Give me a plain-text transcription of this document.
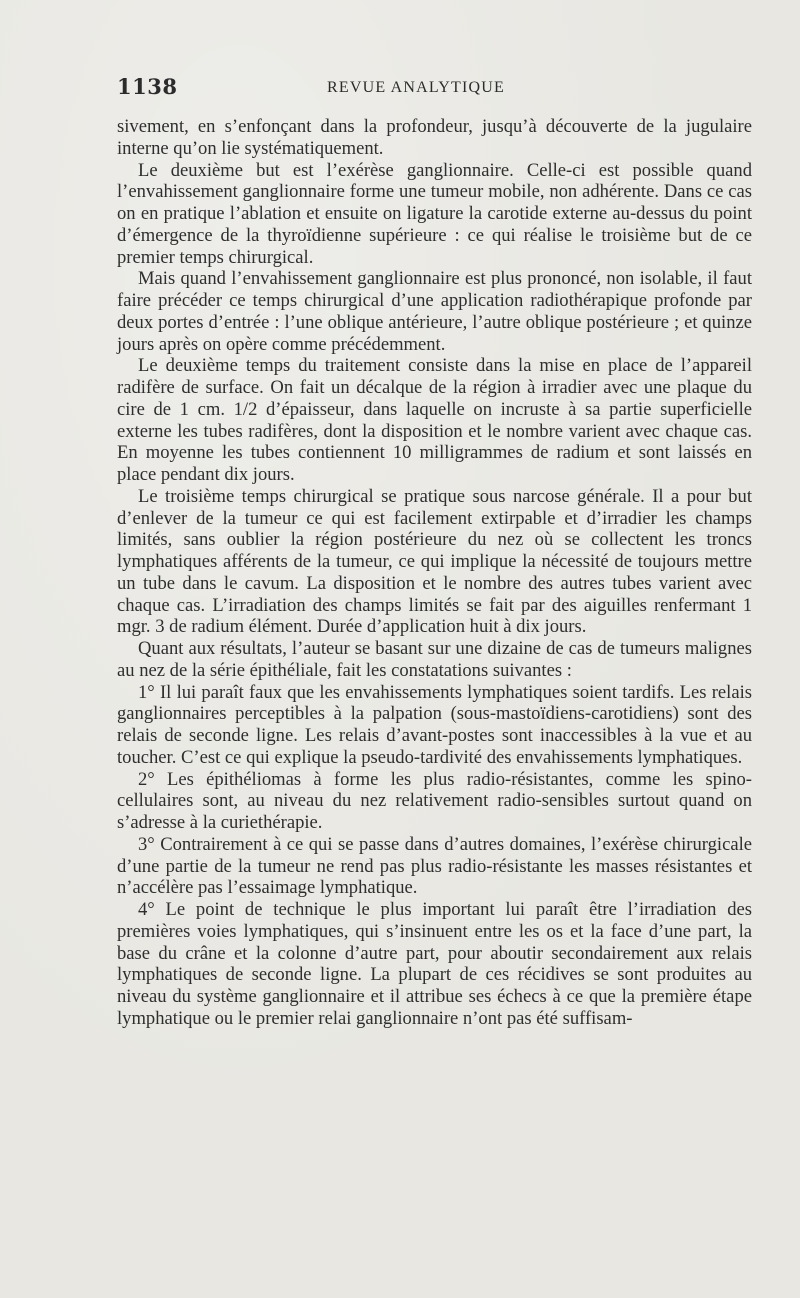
1138	REVUE ANALYTIQUE

sivement, en s’enfonçant dans la profondeur, jusqu’à découverte de la jugulaire interne qu’on lie systématiquement.

Le deuxième but est l’exérèse ganglionnaire. Celle-ci est possible quand l’envahissement ganglionnaire forme une tumeur mobile, non adhérente. Dans ce cas on en pratique l’ablation et ensuite on ligature la carotide externe au-dessus du point d’émergence de la thyroïdienne supérieure : ce qui réalise le troisième but de ce premier temps chirurgical.

Mais quand l’envahissement ganglionnaire est plus prononcé, non isolable, il faut faire précéder ce temps chirurgical d’une application radiothérapique profonde par deux portes d’entrée : l’une oblique antérieure, l’autre oblique postérieure ; et quinze jours après on opère comme précédemment.

Le deuxième temps du traitement consiste dans la mise en place de l’appareil radifère de surface. On fait un décalque de la région à irradier avec une plaque du cire de 1 cm. 1/2 d’épaisseur, dans laquelle on incruste à sa partie superficielle externe les tubes radifères, dont la disposition et le nombre varient avec chaque cas. En moyenne les tubes contiennent 10 milligrammes de radium et sont laissés en place pendant dix jours.

Le troisième temps chirurgical se pratique sous narcose générale. Il a pour but d’enlever de la tumeur ce qui est facilement extirpable et d’irradier les champs limités, sans oublier la région postérieure du nez où se collectent les troncs lymphatiques afférents de la tumeur, ce qui implique la nécessité de toujours mettre un tube dans le cavum. La disposition et le nombre des autres tubes varient avec chaque cas. L’irradiation des champs limités se fait par des aiguilles renfermant 1 mgr. 3 de radium élément. Durée d’application huit à dix jours.

Quant aux résultats, l’auteur se basant sur une dizaine de cas de tumeurs malignes au nez de la série épithéliale, fait les constatations suivantes :

1° Il lui paraît faux que les envahissements lymphatiques soient tardifs. Les relais ganglionnaires perceptibles à la palpation (sous-mastoïdiens-carotidiens) sont des relais de seconde ligne. Les relais d’avant-postes sont inaccessibles à la vue et au toucher. C’est ce qui explique la pseudo-tardivité des envahissements lymphatiques.

2° Les épithéliomas à forme les plus radio-résistantes, comme les spino-cellulaires sont, au niveau du nez relativement radio-sensibles surtout quand on s’adresse à la curiethérapie.

3° Contrairement à ce qui se passe dans d’autres domaines, l’exérèse chirurgicale d’une partie de la tumeur ne rend pas plus radio-résistante les masses résistantes et n’accélère pas l’essaimage lymphatique.

4° Le point de technique le plus important lui paraît être l’irradiation des premières voies lymphatiques, qui s’insinuent entre les os et la face d’une part, la base du crâne et la colonne d’autre part, pour aboutir secondairement aux relais lymphatiques de seconde ligne. La plupart de ces récidives se sont produites au niveau du système ganglionnaire et il attribue ses échecs à ce que la première étape lymphatique ou le premier relai ganglionnaire n’ont pas été suffisam-
